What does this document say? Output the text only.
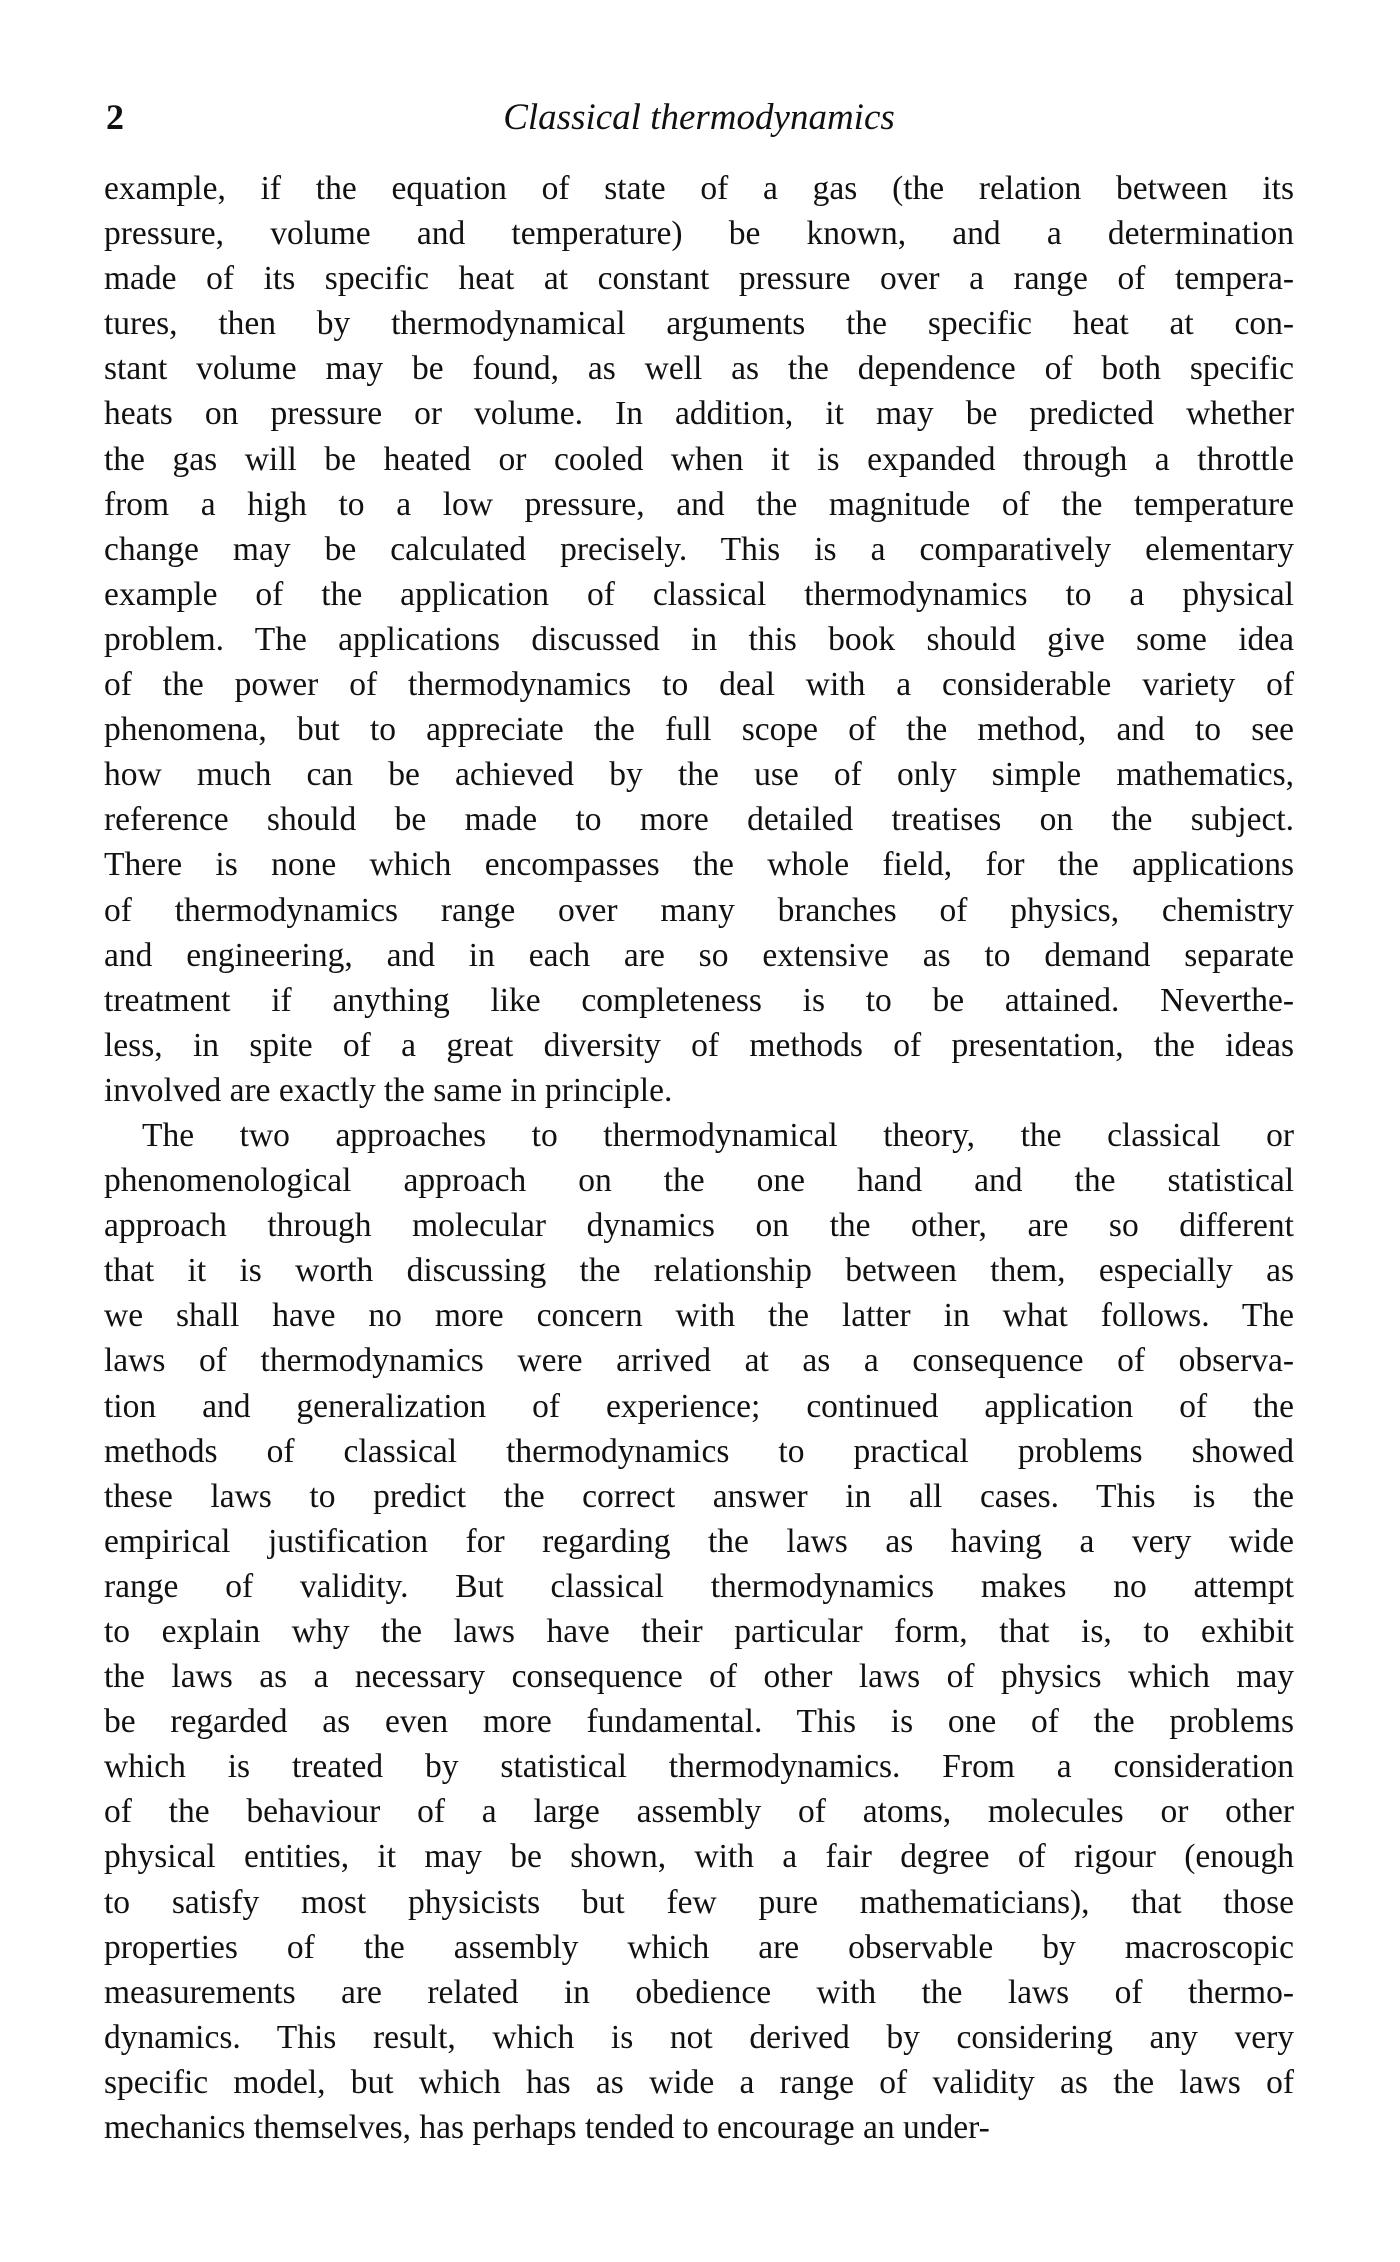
2	Classical thermodynamics
example, if the equation of state of a gas (the relation between its
pressure, volume and temperature) be known, and a determination
made of its specific heat at constant pressure over a range of tempera-
tures, then by thermodynamical arguments the specific heat at con-
stant volume may be found, as well as the dependence of both specific
heats on pressure or volume. In addition, it may be predicted whether
the gas will be heated or cooled when it is expanded through a throttle
from a high to a low pressure, and the magnitude of the temperature
change may be calculated precisely. This is a comparatively elementary
example of the application of classical thermodynamics to a physical
problem. The applications discussed in this book should give some idea
of the power of thermodynamics to deal with a considerable variety of
phenomena, but to appreciate the full scope of the method, and to see
how much can be achieved by the use of only simple mathematics,
reference should be made to more detailed treatises on the subject.
There is none which encompasses the whole field, for the applications
of thermodynamics range over many branches of physics, chemistry
and engineering, and in each are so extensive as to demand separate
treatment if anything like completeness is to be attained. Neverthe-
less, in spite of a great diversity of methods of presentation, the ideas
involved are exactly the same in principle.
The two approaches to thermodynamical theory, the classical or
phenomenological approach on the one hand and the statistical
approach through molecular dynamics on the other, are so different
that it is worth discussing the relationship between them, especially as
we shall have no more concern with the latter in what follows. The
laws of thermodynamics were arrived at as a consequence of observa-
tion and generalization of experience; continued application of the
methods of classical thermodynamics to practical problems showed
these laws to predict the correct answer in all cases. This is the
empirical justification for regarding the laws as having a very wide
range of validity. But classical thermodynamics makes no attempt
to explain why the laws have their particular form, that is, to exhibit
the laws as a necessary consequence of other laws of physics which may
be regarded as even more fundamental. This is one of the problems
which is treated by statistical thermodynamics. From a consideration
of the behaviour of a large assembly of atoms, molecules or other
physical entities, it may be shown, with a fair degree of rigour (enough
to satisfy most physicists but few pure mathematicians), that those
properties of the assembly which are observable by macroscopic
measurements are related in obedience with the laws of thermo-
dynamics. This result, which is not derived by considering any very
specific model, but which has as wide a range of validity as the laws of
mechanics themselves, has perhaps tended to encourage an under-
